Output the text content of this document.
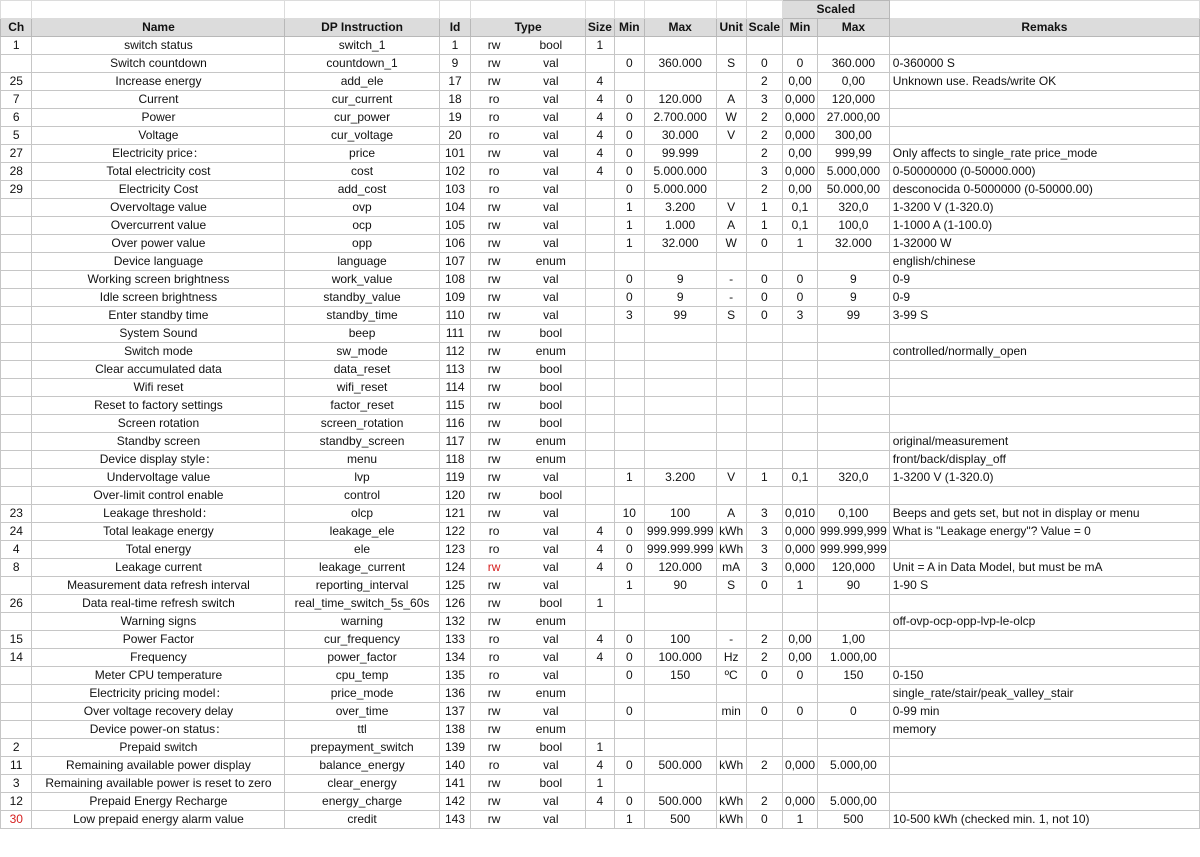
										Scaled		
Ch	Name	DP Instruction	Id	Type	Size	Min	Max	Unit	Scale	Min	Max	Remaks
1	switch status	switch_1	1	rw bool	1							
	Switch countdown	countdown_1	9	rw val		0	360.000	S	0	0	360.000	0-360000 S
25	Increase energy	add_ele	17	rw val	4				2	0,00	0,00	Unknown use. Reads/write OK
7	Current	cur_current	18	ro val	4	0	120.000	A	3	0,000	120,000	
6	Power	cur_power	19	ro val	4	0	2.700.000	W	2	0,000	27.000,00	
5	Voltage	cur_voltage	20	ro val	4	0	30.000	V	2	0,000	300,00	
27	Electricity price：	price	101	rw val	4	0	99.999		2	0,00	999,99	Only affects to single_rate price_mode
28	Total electricity cost	cost	102	ro val	4	0	5.000.000		3	0,000	5.000,000	0-50000000 (0-50000.000)
29	Electricity Cost	add_cost	103	ro val		0	5.000.000		2	0,00	50.000,00	desconocida 0-5000000 (0-50000.00)
	Overvoltage value	ovp	104	rw val		1	3.200	V	1	0,1	320,0	1-3200 V (1-320.0)
	Overcurrent value	ocp	105	rw val		1	1.000	A	1	0,1	100,0	1-1000 A (1-100.0)
	Over power value	opp	106	rw val		1	32.000	W	0	1	32.000	1-32000 W
	Device language	language	107	rw enum								english/chinese
	Working screen brightness	work_value	108	rw val		0	9	-	0	0	9	0-9
	Idle screen brightness	standby_value	109	rw val		0	9	-	0	0	9	0-9
	Enter standby time	standby_time	110	rw val		3	99	S	0	3	99	3-99 S
	System Sound	beep	111	rw bool								

	Switch mode	sw_mode	112	rw enum								controlled/normally_open
	Clear accumulated data	data_reset	113	rw bool								

	Wifi reset	wifi_reset	114	rw bool								

	Reset to factory settings	factor_reset	115	rw bool								

	Screen rotation	screen_rotation	116	rw bool								

	Standby screen	standby_screen	117	rw enum								original/measurement
	Device display style：	menu	118	rw enum								front/back/display_off
	Undervoltage value	lvp	119	rw val		1	3.200	V	1	0,1	320,0	1-3200 V (1-320.0)
	Over-limit control enable	control	120	rw bool								

23	Leakage threshold：	olcp	121	rw val		10	100	A	3	0,010	0,100	Beeps and gets set, but not in display or menu
24	Total leakage energy	leakage_ele	122	ro val	4	0	999.999.999	kWh	3	0,000	999.999,999	What is "Leakage energy"? Value = 0
4	Total energy	ele	123	ro val	4	0	999.999.999	kWh	3	0,000	999.999,999	
8	Leakage current	leakage_current	124	rw val	4	0	120.000	mA	3	0,000	120,000	Unit = A in Data Model, but must be mA
	Measurement data refresh interval	reporting_interval	125	rw val		1	90	S	0	1	90	1-90 S
26	Data real-time refresh switch	real_time_switch_5s_60s	126	rw bool	1							
	Warning signs	warning	132	rw enum								off-ovp-ocp-opp-lvp-le-olcp
15	Power Factor	cur_frequency	133	ro val	4	0	100	-	2	0,00	1,00	
14	Frequency	power_factor	134	ro val	4	0	100.000	Hz	2	0,00	1.000,00	
	Meter CPU temperature	cpu_temp	135	ro val		0	150	ºC	0	0	150	0-150
	Electricity pricing model：	price_mode	136	rw enum								single_rate/stair/peak_valley_stair
	Over voltage recovery delay	over_time	137	rw val		0		min	0	0	0	0-99 min
	Device power-on status：	ttl	138	rw enum								memory
2	Prepaid switch	prepayment_switch	139	rw bool	1							
11	Remaining available power display	balance_energy	140	ro val	4	0	500.000	kWh	2	0,000	5.000,00	
3	Remaining available power is reset to zero	clear_energy	141	rw bool	1							
12	Prepaid Energy Recharge	energy_charge	142	rw val	4	0	500.000	kWh	2	0,000	5.000,00	
30	Low prepaid energy alarm value	credit	143	rw val		1	500	kWh	0	1	500	10-500 kWh (checked min. 1, not 10)
